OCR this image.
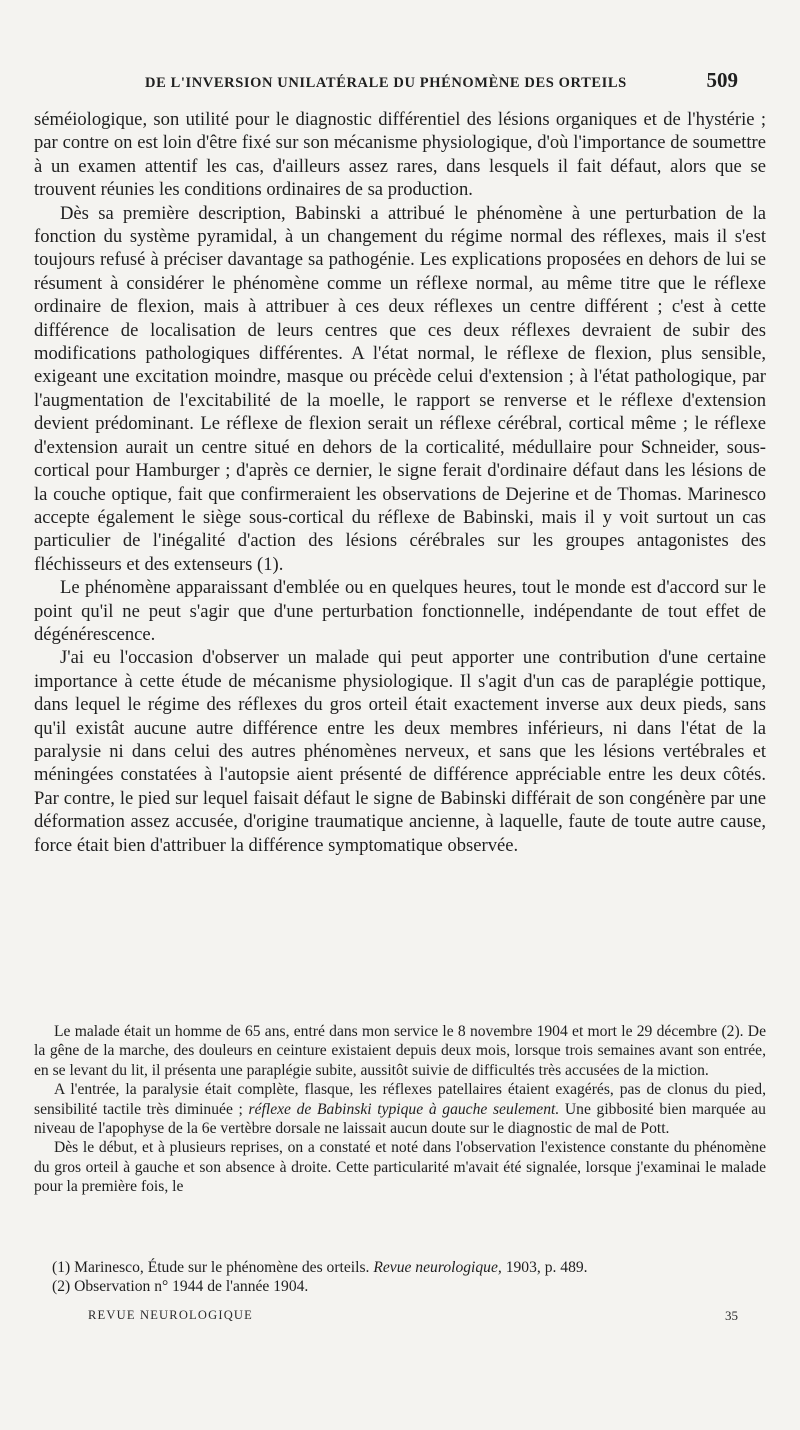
DE L'INVERSION UNILATÉRALE DU PHÉNOMÈNE DES ORTEILS	509

séméiologique, son utilité pour le diagnostic différentiel des lésions organiques et de l'hystérie ; par contre on est loin d'être fixé sur son mécanisme physiologique, d'où l'importance de soumettre à un examen attentif les cas, d'ailleurs assez rares, dans lesquels il fait défaut, alors que se trouvent réunies les conditions ordinaires de sa production.

Dès sa première description, Babinski a attribué le phénomène à une perturbation de la fonction du système pyramidal, à un changement du régime normal des réflexes, mais il s'est toujours refusé à préciser davantage sa pathogénie. Les explications proposées en dehors de lui se résument à considérer le phénomène comme un réflexe normal, au même titre que le réflexe ordinaire de flexion, mais à attribuer à ces deux réflexes un centre différent ; c'est à cette différence de localisation de leurs centres que ces deux réflexes devraient de subir des modifications pathologiques différentes. A l'état normal, le réflexe de flexion, plus sensible, exigeant une excitation moindre, masque ou précède celui d'extension ; à l'état pathologique, par l'augmentation de l'excitabilité de la moelle, le rapport se renverse et le réflexe d'extension devient prédominant. Le réflexe de flexion serait un réflexe cérébral, cortical même ; le réflexe d'extension aurait un centre situé en dehors de la corticalité, médullaire pour Schneider, sous-cortical pour Hamburger ; d'après ce dernier, le signe ferait d'ordinaire défaut dans les lésions de la couche optique, fait que confirmeraient les observations de Dejerine et de Thomas. Marinesco accepte également le siège sous-cortical du réflexe de Babinski, mais il y voit surtout un cas particulier de l'inégalité d'action des lésions cérébrales sur les groupes antagonistes des fléchisseurs et des extenseurs (1).

Le phénomène apparaissant d'emblée ou en quelques heures, tout le monde est d'accord sur le point qu'il ne peut s'agir que d'une perturbation fonctionnelle, indépendante de tout effet de dégénérescence.

J'ai eu l'occasion d'observer un malade qui peut apporter une contribution d'une certaine importance à cette étude de mécanisme physiologique. Il s'agit d'un cas de paraplégie pottique, dans lequel le régime des réflexes du gros orteil était exactement inverse aux deux pieds, sans qu'il existât aucune autre différence entre les deux membres inférieurs, ni dans l'état de la paralysie ni dans celui des autres phénomènes nerveux, et sans que les lésions vertébrales et méningées constatées à l'autopsie aient présenté de différence appréciable entre les deux côtés. Par contre, le pied sur lequel faisait défaut le signe de Babinski différait de son congénère par une déformation assez accusée, d'origine traumatique ancienne, à laquelle, faute de toute autre cause, force était bien d'attribuer la différence symptomatique observée.

Le malade était un homme de 65 ans, entré dans mon service le 8 novembre 1904 et mort le 29 décembre (2). De la gêne de la marche, des douleurs en ceinture existaient depuis deux mois, lorsque trois semaines avant son entrée, en se levant du lit, il présenta une paraplégie subite, aussitôt suivie de difficultés très accusées de la miction.

A l'entrée, la paralysie était complète, flasque, les réflexes patellaires étaient exagérés, pas de clonus du pied, sensibilité tactile très diminuée ; réflexe de Babinski typique à gauche seulement. Une gibbosité bien marquée au niveau de l'apophyse de la 6e vertèbre dorsale ne laissait aucun doute sur le diagnostic de mal de Pott.

Dès le début, et à plusieurs reprises, on a constaté et noté dans l'observation l'existence constante du phénomène du gros orteil à gauche et son absence à droite. Cette particularité m'avait été signalée, lorsque j'examinai le malade pour la première fois, le

(1) Marinesco, Étude sur le phénomène des orteils. Revue neurologique, 1903, p. 489.

(2) Observation n° 1944 de l'année 1904.

REVUE NEUROLOGIQUE	35
